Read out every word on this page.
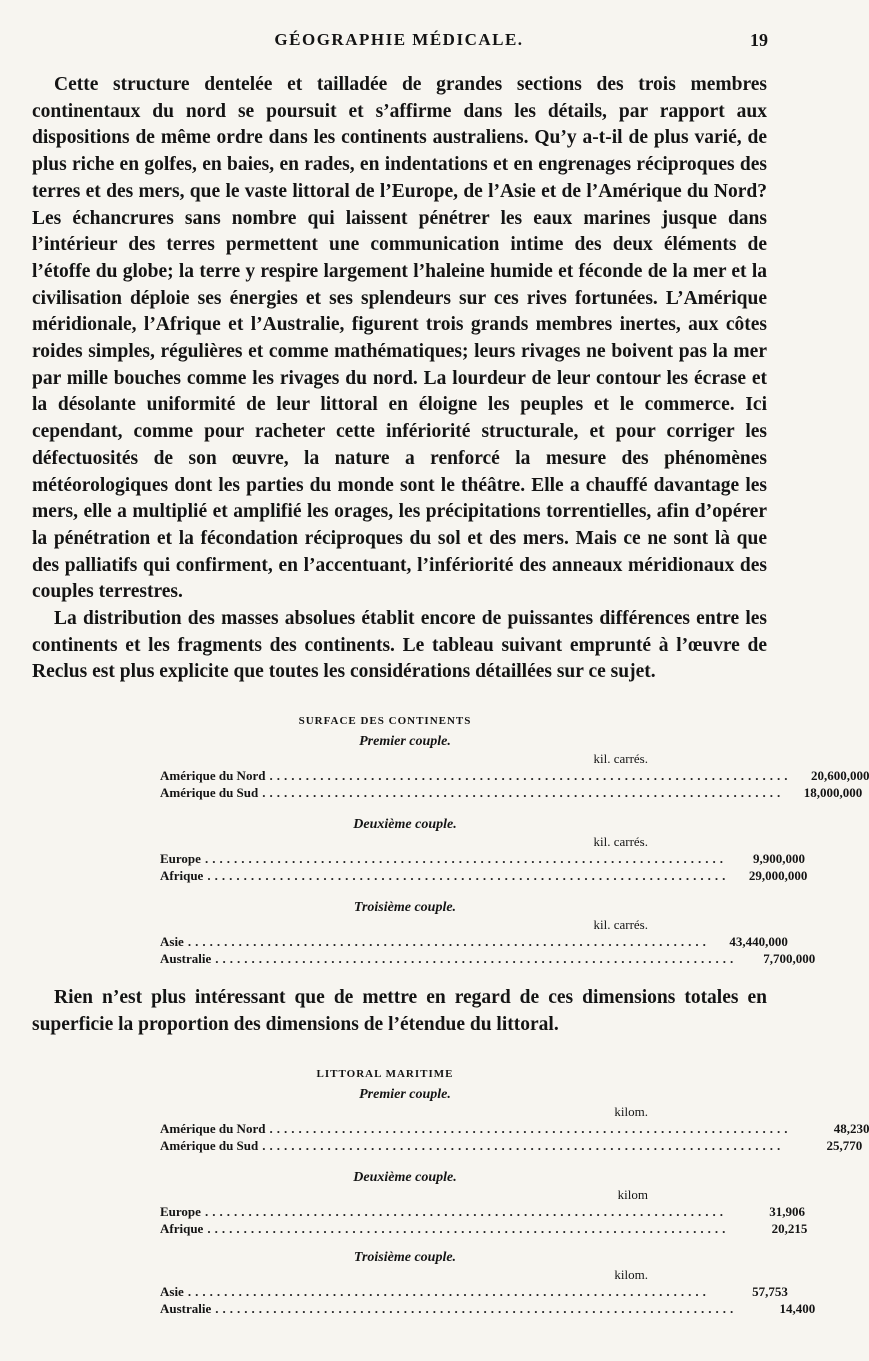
GÉOGRAPHIE MÉDICALE.	19

Cette structure dentelée et tailladée de grandes sections des trois membres continentaux du nord se poursuit et s’affirme dans les détails, par rapport aux dispositions de même ordre dans les continents australiens. Qu’y a-t-il de plus varié, de plus riche en golfes, en baies, en rades, en indentations et en engrenages réciproques des terres et des mers, que le vaste littoral de l’Europe, de l’Asie et de l’Amérique du Nord? Les échancrures sans nombre qui laissent pénétrer les eaux marines jusque dans l’intérieur des terres permettent une communication intime des deux éléments de l’étoffe du globe; la terre y respire largement l’haleine humide et féconde de la mer et la civilisation déploie ses énergies et ses splendeurs sur ces rives fortunées. L’Amérique méridionale, l’Afrique et l’Australie, figurent trois grands membres inertes, aux côtes roides simples, régulières et comme mathématiques; leurs rivages ne boivent pas la mer par mille bouches comme les rivages du nord. La lourdeur de leur contour les écrase et la désolante uniformité de leur littoral en éloigne les peuples et le commerce. Ici cependant, comme pour racheter cette infériorité structurale, et pour corriger les défectuosités de son œuvre, la nature a renforcé la mesure des phénomènes météorologiques dont les parties du monde sont le théâtre. Elle a chauffé davantage les mers, elle a multiplié et amplifié les orages, les précipitations torrentielles, afin d’opérer la pénétration et la fécondation réciproques du sol et des mers. Mais ce ne sont là que des palliatifs qui confirment, en l’accentuant, l’infériorité des anneaux méridionaux des couples terrestres.

La distribution des masses absolues établit encore de puissantes différences entre les continents et les fragments des continents. Le tableau suivant emprunté à l’œuvre de Reclus est plus explicite que toutes les considérations détaillées sur ce sujet.

SURFACE DES CONTINENTS
Premier couple.
kil. carrés.
Amérique du Nord ........................................................................	20,600,000
Amérique du Sud ........................................................................	18,000,000
Deuxième couple.
kil. carrés.
Europe ........................................................................	9,900,000
Afrique ........................................................................	29,000,000
Troisième couple.
kil. carrés.
Asie ........................................................................	43,440,000
Australie ........................................................................	7,700,000

Rien n’est plus intéressant que de mettre en regard de ces dimensions totales en superficie la proportion des dimensions de l’étendue du littoral.

LITTORAL MARITIME
Premier couple.
kilom.
Amérique du Nord ........................................................................	48,230
Amérique du Sud ........................................................................	25,770
Deuxième couple.
kilom
Europe ........................................................................	31,906
Afrique ........................................................................	20,215
Troisième couple.
kilom.
Asie ........................................................................	57,753
Australie ........................................................................	14,400
